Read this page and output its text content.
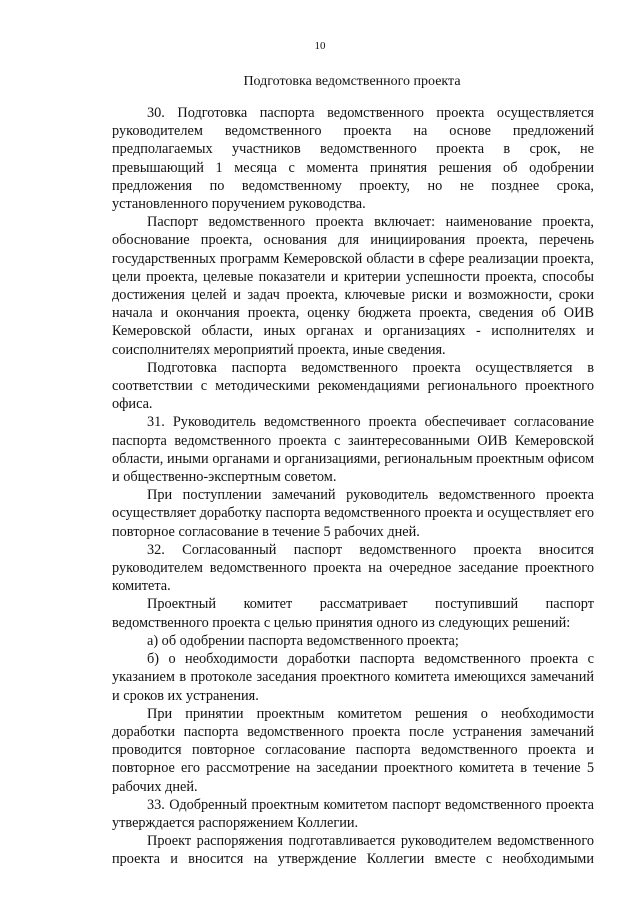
10
Подготовка ведомственного проекта

30. Подготовка паспорта ведомственного проекта осуществляется руководителем ведомственного проекта на основе предложений предполагаемых участников ведомственного проекта в срок, не превышающий 1 месяца с момента принятия решения об одобрении предложения по ведомственному проекту, но не позднее срока, установленного поручением руководства.

Паспорт ведомственного проекта включает: наименование проекта, обоснование проекта, основания для инициирования проекта, перечень государственных программ Кемеровской области в сфере реализации проекта, цели проекта, целевые показатели и критерии успешности проекта, способы достижения целей и задач проекта, ключевые риски и возможности, сроки начала и окончания проекта, оценку бюджета проекта, сведения об ОИВ Кемеровской области, иных органах и организациях - исполнителях и соисполнителях мероприятий проекта, иные сведения.

Подготовка паспорта ведомственного проекта осуществляется в соответствии с методическими рекомендациями регионального проектного офиса.

31. Руководитель ведомственного проекта обеспечивает согласование паспорта ведомственного проекта с заинтересованными ОИВ Кемеровской области, иными органами и организациями, региональным проектным офисом и общественно-экспертным советом.

При поступлении замечаний руководитель ведомственного проекта осуществляет доработку паспорта ведомственного проекта и осуществляет его повторное согласование в течение 5 рабочих дней.

32. Согласованный паспорт ведомственного проекта вносится руководителем ведомственного проекта на очередное заседание проектного комитета.

Проектный комитет рассматривает поступивший паспорт ведомственного проекта с целью принятия одного из следующих решений:

а) об одобрении паспорта ведомственного проекта;

б) о необходимости доработки паспорта ведомственного проекта с указанием в протоколе заседания проектного комитета имеющихся замечаний и сроков их устранения.

При принятии проектным комитетом решения о необходимости доработки паспорта ведомственного проекта после устранения замечаний проводится повторное согласование паспорта ведомственного проекта и повторное его рассмотрение на заседании проектного комитета в течение 5 рабочих дней.

33. Одобренный проектным комитетом паспорт ведомственного проекта утверждается распоряжением Коллегии.

Проект распоряжения подготавливается руководителем ведомственного проекта и вносится на утверждение Коллегии вместе с необходимыми
